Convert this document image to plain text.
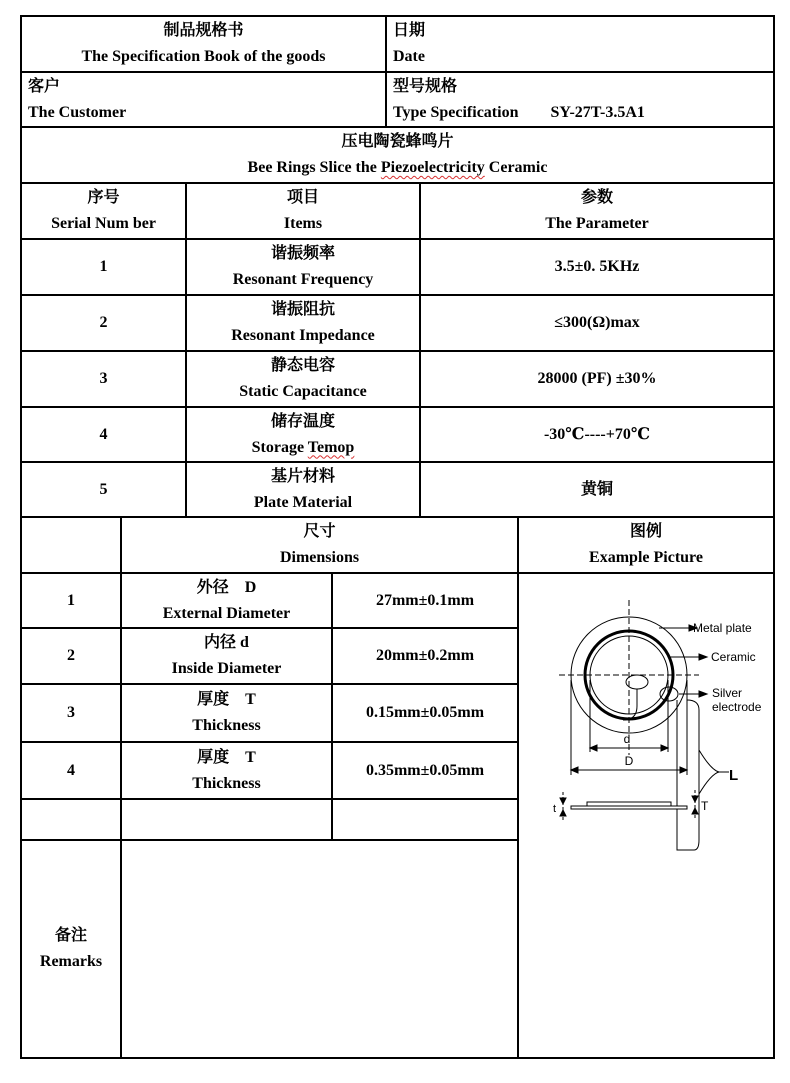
制品规格书
The Specification Book of the goods
日期
Date
客户
The Customer
型号规格
Type Specification SY-27T-3.5A1
压电陶瓷蜂鸣片
Bee Rings Slice the Piezoelectricity Ceramic
序号
Serial Num ber
项目
Items
参数
The Parameter
1
谐振频率
Resonant Frequency
3.5±0. 5KHz
2
谐振阻抗
Resonant Impedance
≤300(Ω)max
3
静态电容
Static Capacitance
28000 (PF) ±30%
4
储存温度
Storage Temop
-30℃----+70℃
5
基片材料
Plate Material
黄铜
尺寸
Dimensions
图例
Example Picture
1
外径　D
External Diameter
27mm±0.1mm
2
内径 d
Inside Diameter
20mm±0.2mm
3
厚度　T
Thickness
0.15mm±0.05mm
4
厚度　T
Thickness
0.35mm±0.05mm
备注
Remarks
Metal plate
Ceramic
Silver
electrode
L
d
D
t	T
